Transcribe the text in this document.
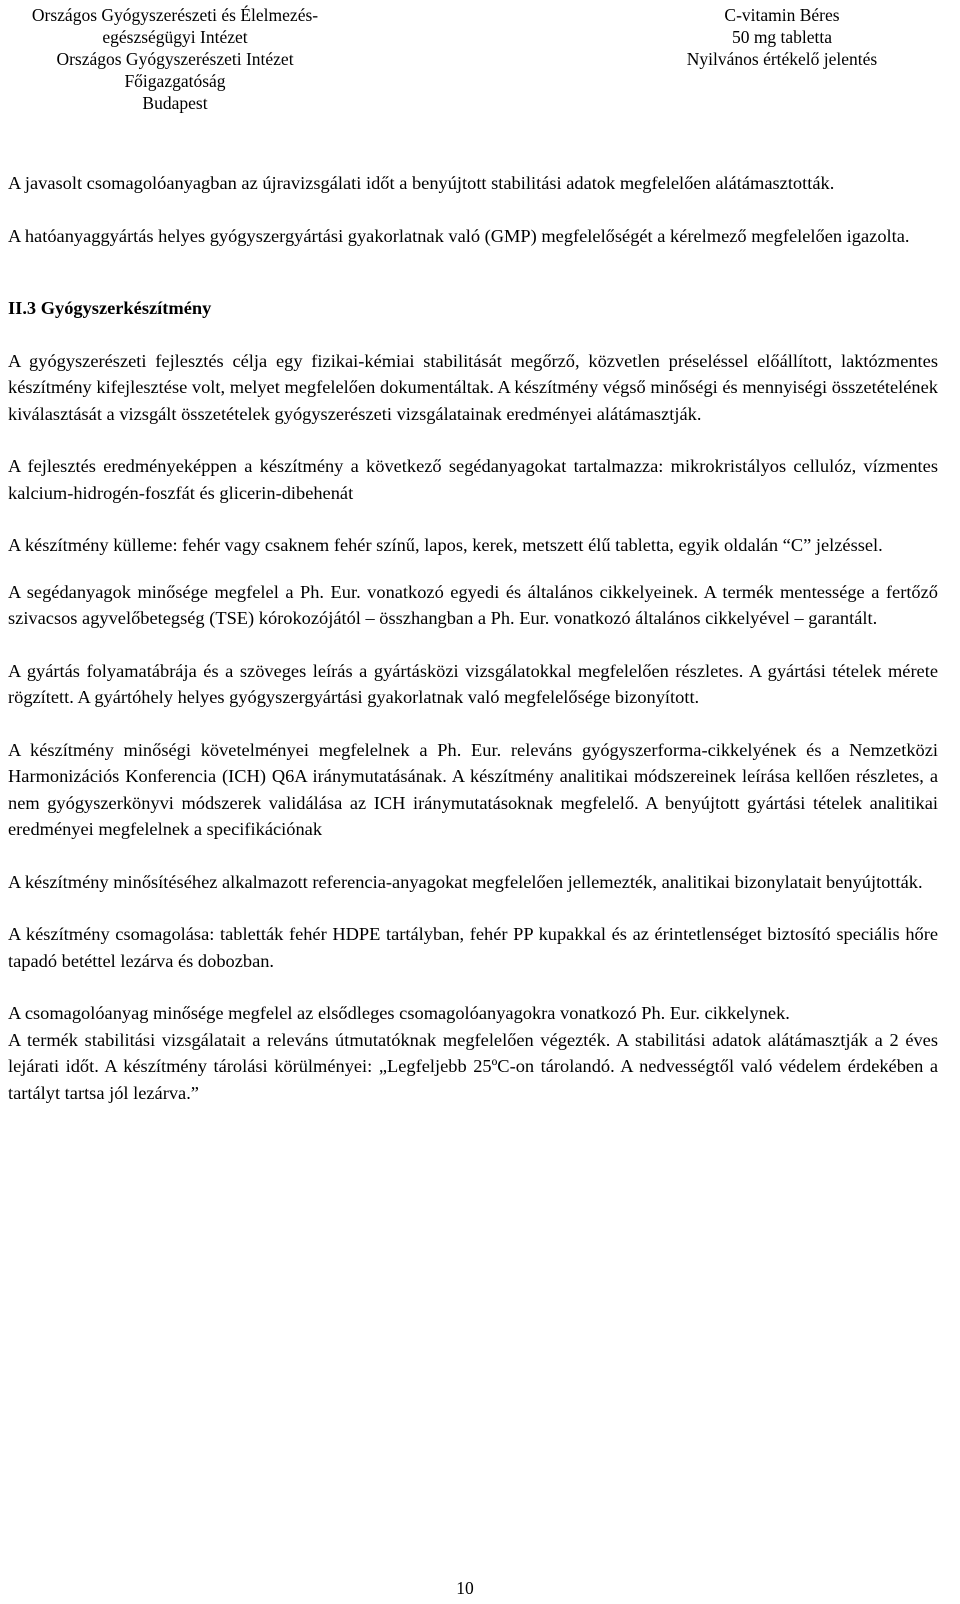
Országos Gyógyszerészeti és Élelmezés-
egészségügyi Intézet
Országos Gyógyszerészeti Intézet
Főigazgatóság
Budapest
C-vitamin Béres
50 mg tabletta
Nyilvános értékelő jelentés

A javasolt csomagolóanyagban az újravizsgálati időt a benyújtott stabilitási adatok megfelelően alátámasztották.

A hatóanyaggyártás helyes gyógyszergyártási gyakorlatnak való (GMP) megfelelőségét a kérelmező megfelelően igazolta.

II.3 Gyógyszerkészítmény

A gyógyszerészeti fejlesztés célja egy fizikai-kémiai stabilitását megőrző, közvetlen préseléssel előállított, laktózmentes készítmény kifejlesztése volt, melyet megfelelően dokumentáltak. A készítmény végső minőségi és mennyiségi összetételének kiválasztását a vizsgált összetételek gyógyszerészeti vizsgálatainak eredményei alátámasztják.

A fejlesztés eredményeképpen a készítmény a következő segédanyagokat tartalmazza: mikrokristályos cellulóz, vízmentes kalcium-hidrogén-foszfát és glicerin-dibehenát

A készítmény külleme: fehér vagy csaknem fehér színű, lapos, kerek, metszett élű tabletta, egyik oldalán “C” jelzéssel.

A segédanyagok minősége megfelel a Ph. Eur. vonatkozó egyedi és általános cikkelyeinek. A termék mentessége a fertőző szivacsos agyvelőbetegség (TSE) kórokozójától – összhangban a Ph. Eur. vonatkozó általános cikkelyével – garantált.

A gyártás folyamatábrája és a szöveges leírás a gyártásközi vizsgálatokkal megfelelően részletes. A gyártási tételek mérete rögzített. A gyártóhely helyes gyógyszergyártási gyakorlatnak való megfelelősége bizonyított.

A készítmény minőségi követelményei megfelelnek a Ph. Eur. releváns gyógyszerforma-cikkelyének és a Nemzetközi Harmonizációs Konferencia (ICH) Q6A iránymutatásának. A készítmény analitikai módszereinek leírása kellően részletes, a nem gyógyszerkönyvi módszerek validálása az ICH iránymutatásoknak megfelelő. A benyújtott gyártási tételek analitikai eredményei megfelelnek a specifikációnak

A készítmény minősítéséhez alkalmazott referencia-anyagokat megfelelően jellemezték, analitikai bizonylatait benyújtották.

A készítmény csomagolása: tabletták fehér HDPE tartályban, fehér PP kupakkal és az érintetlenséget biztosító speciális hőre tapadó betéttel lezárva és dobozban.

A csomagolóanyag minősége megfelel az elsődleges csomagolóanyagokra vonatkozó Ph. Eur. cikkelynek.

A termék stabilitási vizsgálatait a releváns útmutatóknak megfelelően végezték. A stabilitási adatok alátámasztják a 2 éves lejárati időt. A készítmény tárolási körülményei: „Legfeljebb 25ºC-on tárolandó. A nedvességtől való védelem érdekében a tartályt tartsa jól lezárva.”

10
